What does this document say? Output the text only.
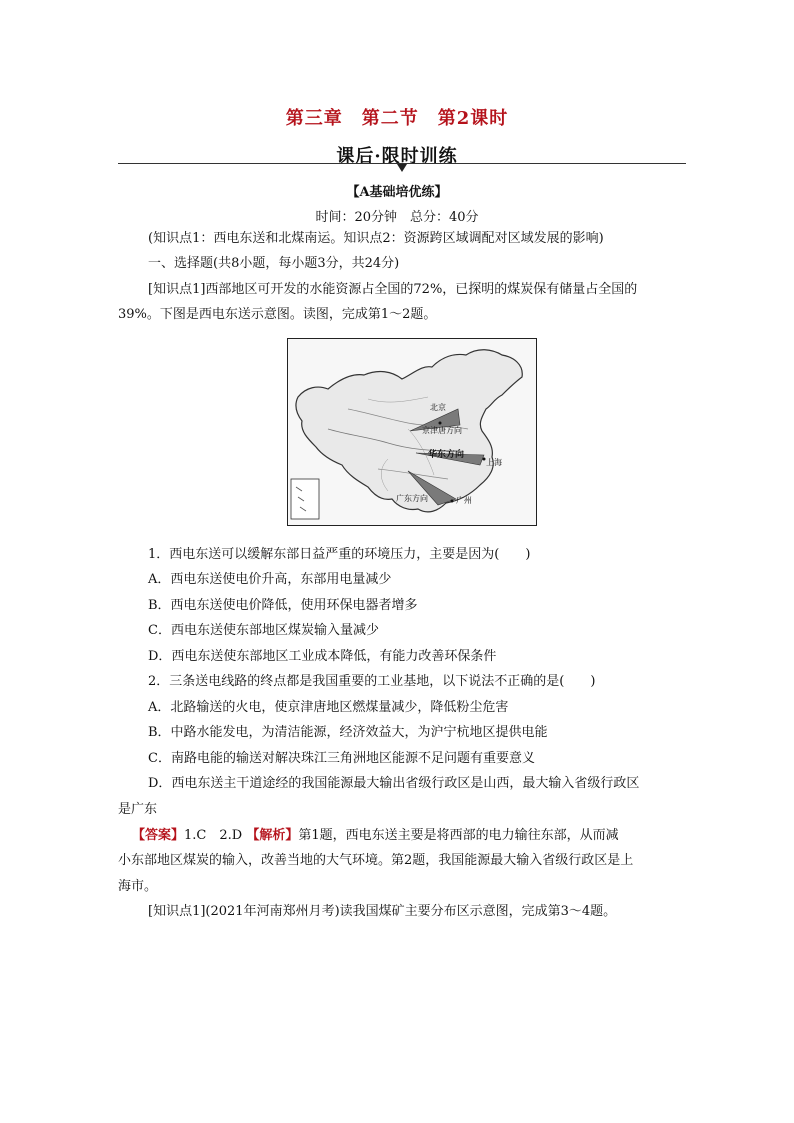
第三章　第二节　第2课时
课后·限时训练
【A基础培优练】
时间：20分钟　总分：40分
(知识点1：西电东送和北煤南运。知识点2：资源跨区域调配对区域发展的影响)
一、选择题(共8小题，每小题3分，共24分)
[知识点1]西部地区可开发的水能资源占全国的72%，已探明的煤炭保有储量占全国的
39%。下图是西电东送示意图。读图，完成第1～2题。
北京
京津唐方向
华东方向
上海
广东方向	广州
1．西电东送可以缓解东部日益严重的环境压力，主要是因为(　　)
A．西电东送使电价升高，东部用电量减少
B．西电东送使电价降低，使用环保电器者增多
C．西电东送使东部地区煤炭输入量减少
D．西电东送使东部地区工业成本降低，有能力改善环保条件
2．三条送电线路的终点都是我国重要的工业基地，以下说法不正确的是(　　)
A．北路输送的火电，使京津唐地区燃煤量减少，降低粉尘危害
B．中路水能发电，为清洁能源，经济效益大，为沪宁杭地区提供电能
C．南路电能的输送对解决珠江三角洲地区能源不足问题有重要意义
D．西电东送主干道途经的我国能源最大输出省级行政区是山西，最大输入省级行政区
是广东
【答案】1.C　2.D 【解析】第1题，西电东送主要是将西部的电力输往东部，从而减
小东部地区煤炭的输入，改善当地的大气环境。第2题，我国能源最大输入省级行政区是上
海市。
[知识点1](2021年河南郑州月考)读我国煤矿主要分布区示意图，完成第3～4题。
